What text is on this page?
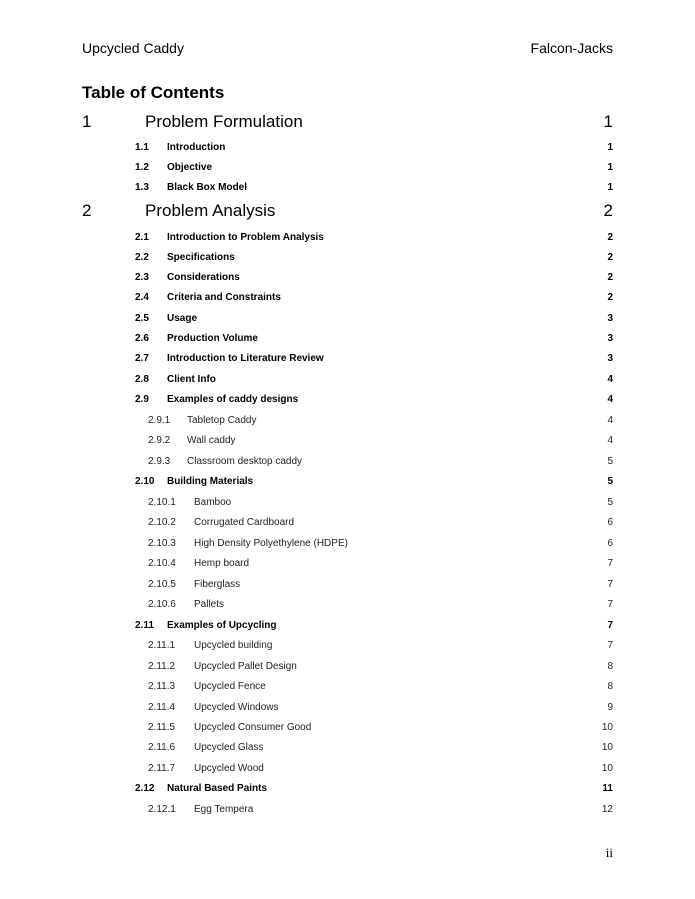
Upcycled Caddy	Falcon-Jacks
Table of Contents
1	Problem Formulation	1
1.1	Introduction	1
1.2	Objective	1
1.3	Black Box Model	1
2	Problem Analysis	2
2.1	Introduction to Problem Analysis	2
2.2	Specifications	2
2.3	Considerations	2
2.4	Criteria and Constraints	2
2.5	Usage	3
2.6	Production Volume	3
2.7	Introduction to Literature Review	3
2.8	Client Info	4
2.9	Examples of caddy designs	4
2.9.1	Tabletop Caddy	4
2.9.2	Wall caddy	4
2.9.3	Classroom desktop caddy	5
2.10	Building Materials	5
2.10.1	Bamboo	5
2.10.2	Corrugated Cardboard	6
2.10.3	High Density Polyethylene (HDPE)	6
2.10.4	Hemp board	7
2.10.5	Fiberglass	7
2.10.6	Pallets	7
2.11	Examples of Upcycling	7
2.11.1	Upcycled building	7
2.11.2	Upcycled Pallet Design	8
2.11.3	Upcycled Fence	8
2.11.4	Upcycled Windows	9
2.11.5	Upcycled Consumer Good	10
2.11.6	Upcycled Glass	10
2.11.7	Upcycled Wood	10
2.12	Natural Based Paints	11
2.12.1	Egg Tempera	12
ii
